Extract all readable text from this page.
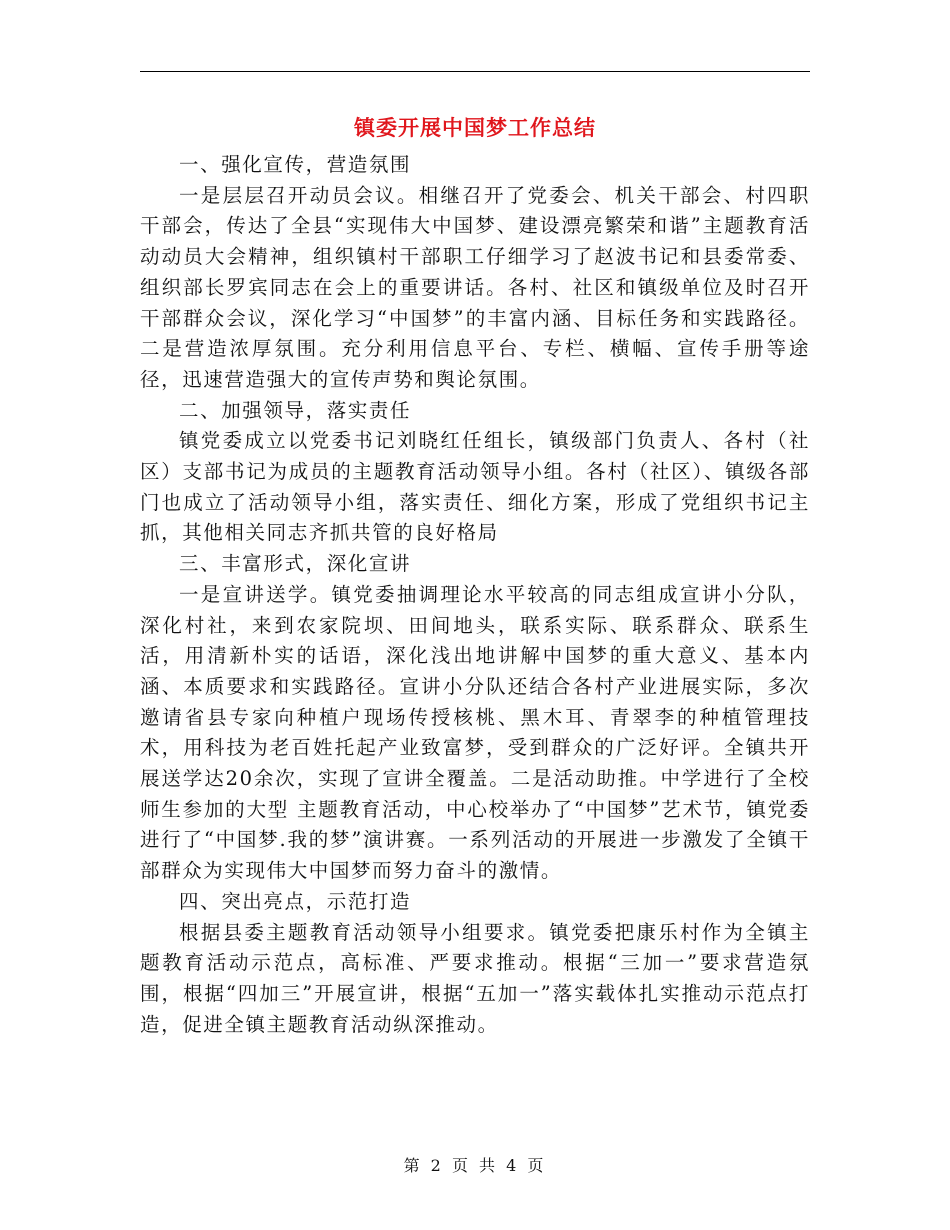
镇委开展中国梦工作总结

一、强化宣传，营造氛围

一是层层召开动员会议。相继召开了党委会、机关干部会、村四职干部会，传达了全县“实现伟大中国梦、建设漂亮繁荣和谐”主题教育活动动员大会精神，组织镇村干部职工仔细学习了赵波书记和县委常委、组织部长罗宾同志在会上的重要讲话。各村、社区和镇级单位及时召开干部群众会议，深化学习“中国梦”的丰富内涵、目标任务和实践路径。二是营造浓厚氛围。充分利用信息平台、专栏、横幅、宣传手册等途径，迅速营造强大的宣传声势和舆论氛围。

二、加强领导，落实责任

镇党委成立以党委书记刘晓红任组长，镇级部门负责人、各村（社区）支部书记为成员的主题教育活动领导小组。各村（社区）、镇级各部门也成立了活动领导小组，落实责任、细化方案，形成了党组织书记主抓，其他相关同志齐抓共管的良好格局

三、丰富形式，深化宣讲

一是宣讲送学。镇党委抽调理论水平较高的同志组成宣讲小分队，深化村社，来到农家院坝、田间地头，联系实际、联系群众、联系生活，用清新朴实的话语，深化浅出地讲解中国梦的重大意义、基本内涵、本质要求和实践路径。宣讲小分队还结合各村产业进展实际，多次邀请省县专家向种植户现场传授核桃、黑木耳、青翠李的种植管理技术，用科技为老百姓托起产业致富梦，受到群众的广泛好评。全镇共开展送学达20余次，实现了宣讲全覆盖。二是活动助推。中学进行了全校师生参加的大型 主题教育活动，中心校举办了“中国梦”艺术节，镇党委进行了“中国梦.我的梦”演讲赛。一系列活动的开展进一步激发了全镇干部群众为实现伟大中国梦而努力奋斗的激情。

四、突出亮点，示范打造

根据县委主题教育活动领导小组要求。镇党委把康乐村作为全镇主题教育活动示范点，高标准、严要求推动。根据“三加一”要求营造氛围，根据“四加三”开展宣讲，根据“五加一”落实载体扎实推动示范点打造，促进全镇主题教育活动纵深推动。

第 2 页 共 4 页
